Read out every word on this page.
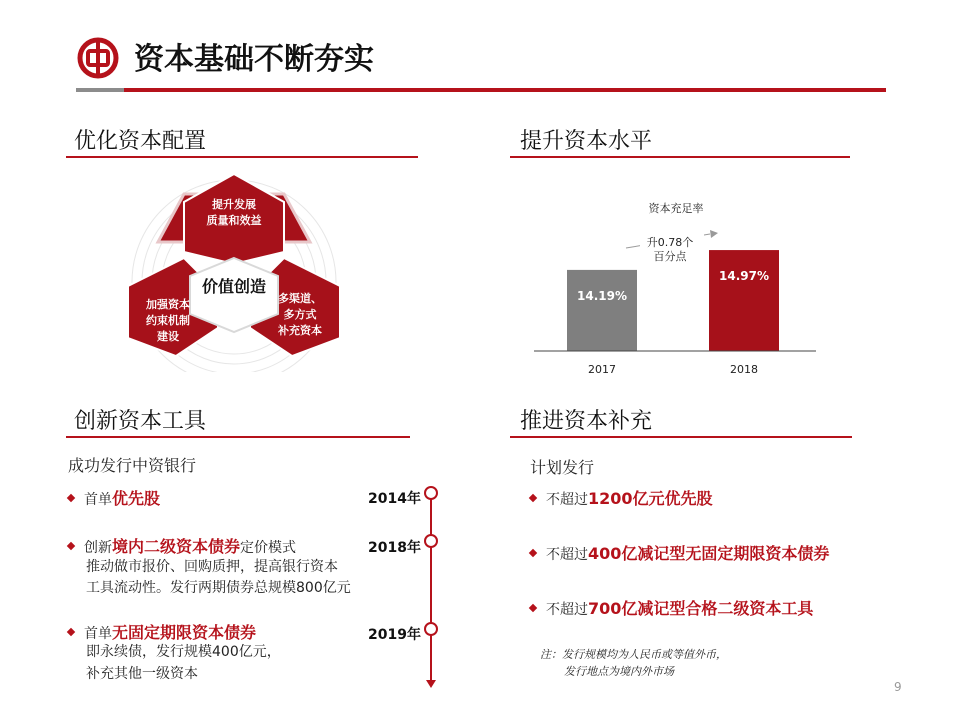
资本基础不断夯实
优化资本配置
价值创造
提升发展
质量和效益
多渠道、
多方式
补充资本
加强资本
约束机制
建设
提升资本水平
资本充足率
14.19%
2017
14.97%
2018
升0.78个
百分点
创新资本工具
成功发行中资银行
首单优先股	2014年
创新境内二级资本债券定价模式
推动做市报价、回购质押，提高银行资本
工具流动性。发行两期债券总规模800亿元
2018年
首单无固定期限资本债券
即永续债，发行规模400亿元，
补充其他一级资本
2019年
推进资本补充
计划发行
不超过1200亿元优先股
不超过400亿减记型无固定期限资本债券
不超过700亿减记型合格二级资本工具
注：发行规模均为人民币或等值外币，
发行地点为境内外市场
9
